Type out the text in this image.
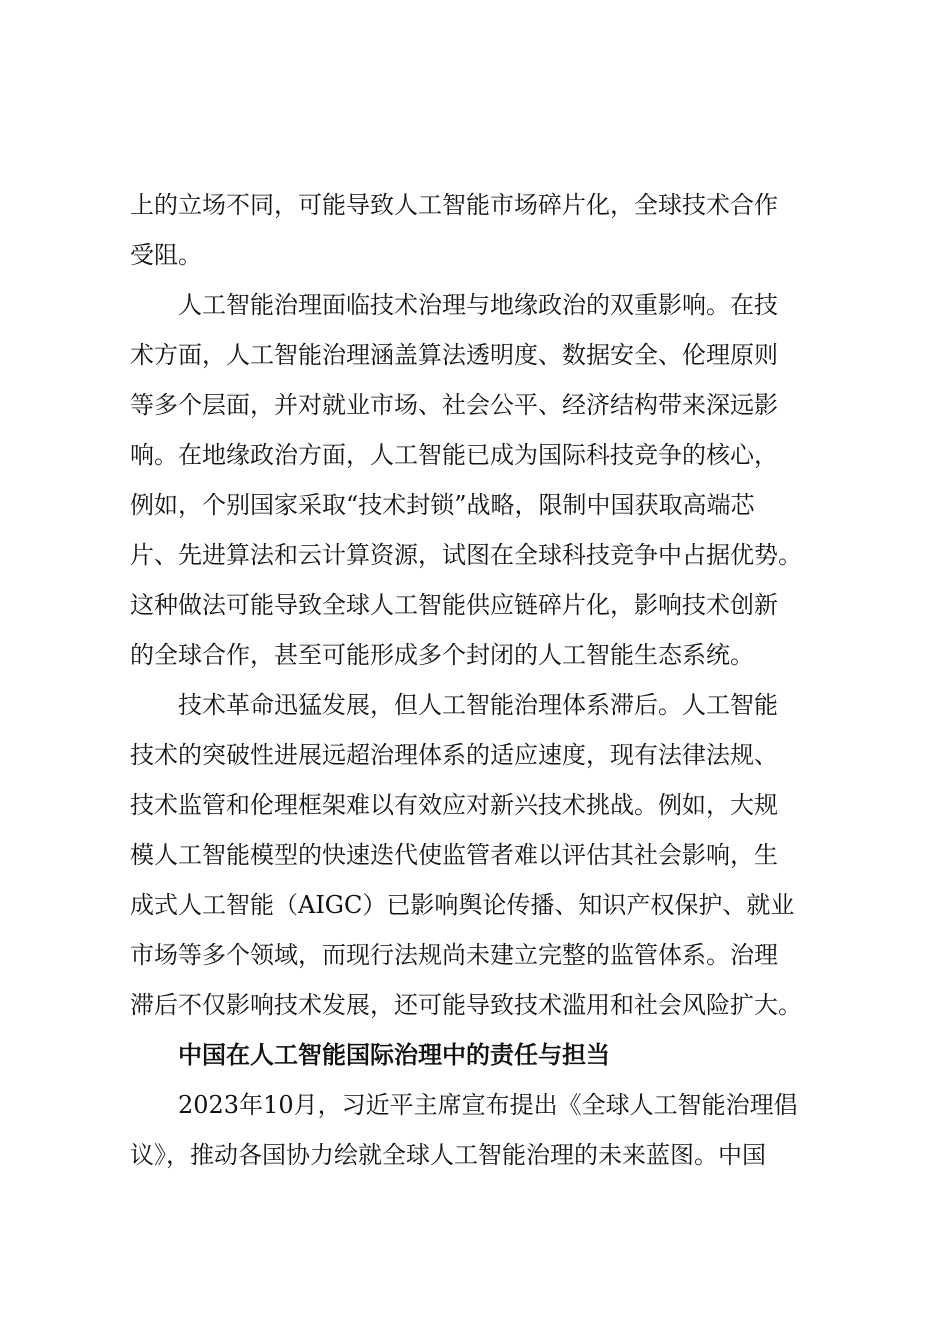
上的立场不同，可能导致人工智能市场碎片化，全球技术合作
受阻。
人工智能治理面临技术治理与地缘政治的双重影响。在技
术方面，人工智能治理涵盖算法透明度、数据安全、伦理原则
等多个层面，并对就业市场、社会公平、经济结构带来深远影
响。在地缘政治方面，人工智能已成为国际科技竞争的核心，
例如，个别国家采取“技术封锁”战略，限制中国获取高端芯
片、先进算法和云计算资源，试图在全球科技竞争中占据优势。
这种做法可能导致全球人工智能供应链碎片化，影响技术创新
的全球合作，甚至可能形成多个封闭的人工智能生态系统。
技术革命迅猛发展，但人工智能治理体系滞后。人工智能
技术的突破性进展远超治理体系的适应速度，现有法律法规、
技术监管和伦理框架难以有效应对新兴技术挑战。例如，大规
模人工智能模型的快速迭代使监管者难以评估其社会影响，生
成式人工智能（AIGC）已影响舆论传播、知识产权保护、就业
市场等多个领域，而现行法规尚未建立完整的监管体系。治理
滞后不仅影响技术发展，还可能导致技术滥用和社会风险扩大。
中国在人工智能国际治理中的责任与担当
2023年10月，习近平主席宣布提出《全球人工智能治理倡
议》，推动各国协力绘就全球人工智能治理的未来蓝图。中国
